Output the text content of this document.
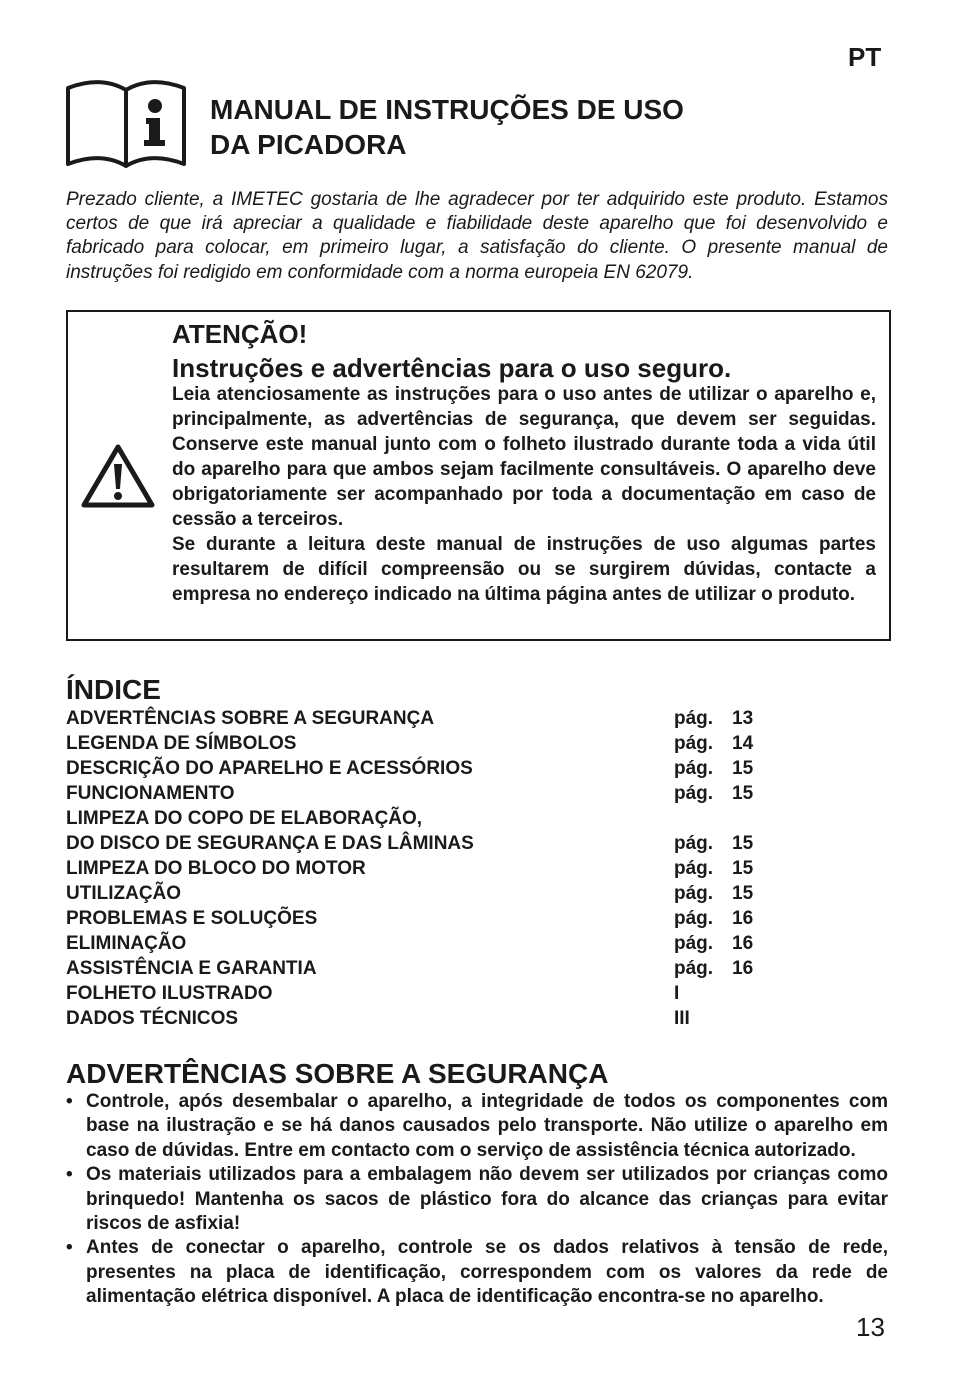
PT
MANUAL DE INSTRUÇÕES DE USO
DA PICADORA

Prezado cliente, a IMETEC gostaria de lhe agradecer por ter adquirido este produto. Estamos certos de que irá apreciar a qualidade e fiabilidade deste aparelho que foi desenvolvido e fabricado para colocar, em primeiro lugar, a satisfação do cliente. O presente manual de instruções foi redigido em conformidade com a norma europeia EN 62079.

ATENÇÃO!
Instruções e advertências para o uso seguro.

Leia atenciosamente as instruções para o uso antes de utilizar o aparelho e, principalmente, as advertências de segurança, que devem ser seguidas. Conserve este manual junto com o folheto ilustrado durante toda a vida útil do aparelho para que ambos sejam facilmente consultáveis. O aparelho deve obrigatoriamente ser acompanhado por toda a documentação em caso de cessão a terceiros.
Se durante a leitura deste manual de instruções de uso algumas partes resultarem de difícil compreensão ou se surgirem dúvidas, contacte a empresa no endereço indicado na última página antes de utilizar o produto.

ÍNDICE
ADVERTÊNCIAS SOBRE A SEGURANÇA	pág. 13
LEGENDA DE SÍMBOLOS	pág. 14
DESCRIÇÃO DO APARELHO E ACESSÓRIOS	pág. 15
FUNCIONAMENTO	pág. 15
LIMPEZA DO COPO DE ELABORAÇÃO,
DO DISCO DE SEGURANÇA E DAS LÂMINAS	pág. 15
LIMPEZA DO BLOCO DO MOTOR	pág. 15
UTILIZAÇÃO	pág. 15
PROBLEMAS E SOLUÇÕES	pág. 16
ELIMINAÇÃO	pág. 16
ASSISTÊNCIA E GARANTIA	pág. 16
FOLHETO ILUSTRADO	I
DADOS TÉCNICOS	III
ADVERTÊNCIAS SOBRE A SEGURANÇA
• Controle, após desembalar o aparelho, a integridade de todos os componentes com base na ilustração e se há danos causados pelo transporte. Não utilize o aparelho em caso de dúvidas. Entre em contacto com o serviço de assistência técnica autorizado.
• Os materiais utilizados para a embalagem não devem ser utilizados por crianças como brinquedo! Mantenha os sacos de plástico fora do alcance das crianças para evitar riscos de asfixia!
• Antes de conectar o aparelho, controle se os dados relativos à tensão de rede, presentes na placa de identificação, correspondem com os valores da rede de alimentação elétrica disponível. A placa de identificação encontra-se no aparelho.
13
